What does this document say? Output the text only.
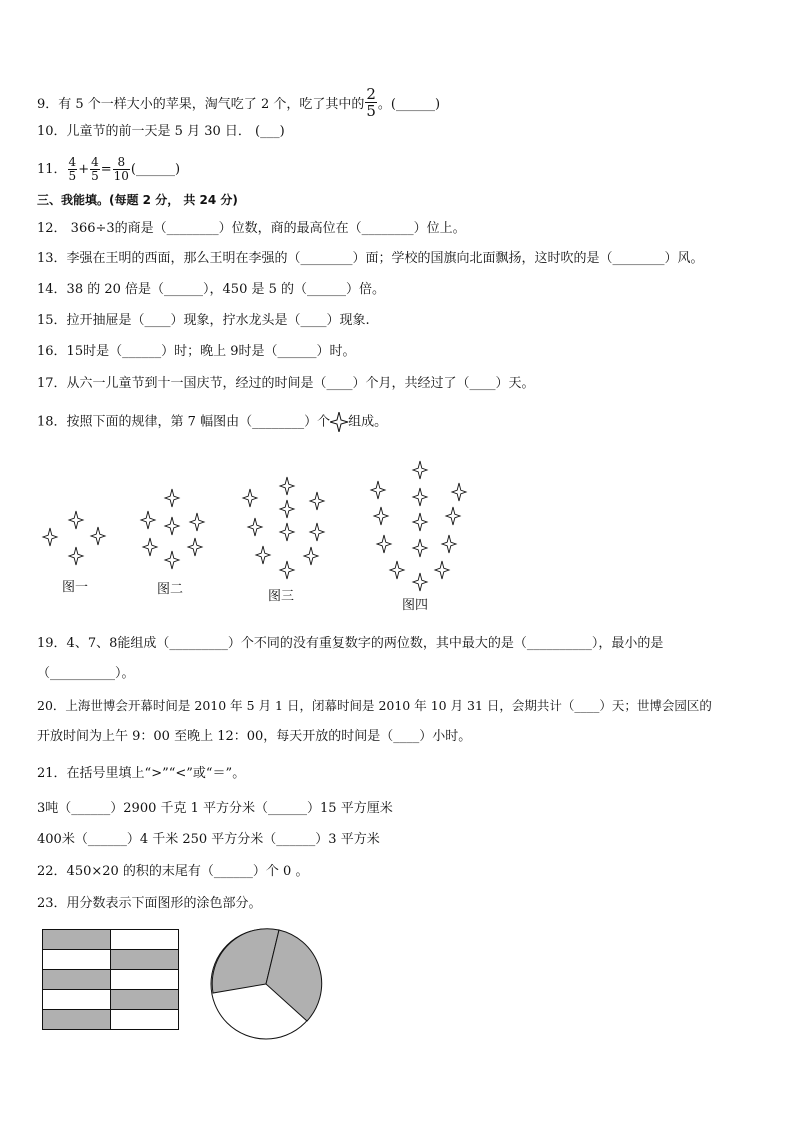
9．有 5 个一样大小的苹果，淘气吃了 2 个，吃了其中的 $\frac{2}{5}$ 。(______)
10．儿童节的前一天是 5 月 30 日． (___)
11． $\frac{4}{5} + \frac{4}{5} = \frac{8}{10}$ (______)
三、我能填。(每题 2 分， 共 24 分)
12． 366÷3的商是（________）位数，商的最高位在（________）位上。
13．李强在王明的西面，那么王明在李强的（________）面；学校的国旗向北面飘扬，这时吹的是（________）风。
14．38 的 20 倍是（______），450 是 5 的（______）倍。
15．拉开抽屉是（____）现象，拧水龙头是（____）现象.
16．15时是（______）时；晚上 9时是（______）时。
17．从六一儿童节到十一国庆节，经过的时间是（____）个月，共经过了（____）天。
18．按照下面的规律，第 7 幅图由（________）个 组成。
图一	图二	图三
图四
19．4、7、8能组成（_________）个不同的没有重复数字的两位数，其中最大的是（__________），最小的是
（__________）。
20．上海世博会开幕时间是 2010 年 5 月 1 日，闭幕时间是 2010 年 10 月 31 日，会期共计（____）天；世博会园区的
开放时间为上午 9：00 至晚上 12：00，每天开放的时间是（____）小时。
21．在括号里填上“>”“<”或“＝”。
3吨（______）2900 千克 1 平方分米（______）15 平方厘米
400米（______）4 千米 250 平方分米（______）3 平方米
22．450×20 的积的末尾有（______）个 0 。
23．用分数表示下面图形的涂色部分。
